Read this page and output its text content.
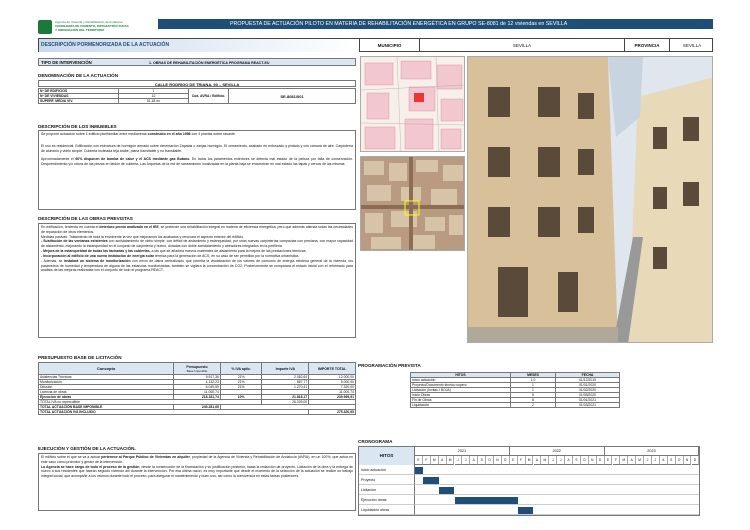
Agencia de Vivienda y Rehabilitación de Andalucía
CONSEJERÍA DE FOMENTO, INFRAESTRUCTURAS
Y ORDENACIÓN DEL TERRITORIO
PROPUESTA DE ACTUACIÓN PILOTO EN MATERIA DE REHABILITACIÓN ENERGÉTICA EN GRUPO SE-8081 de 12 viviendas en SEVILLA
DESCRIPCIÓN PORMENORIZADA DE LA ACTUACIÓN	MUNICIPIO	SEVILLA	PROVINCIA	SEVILLA
TIPO DE INTERVENCIÓN	1. OBRAS DE REHABILITACIÓN ENERGÉTICA PROGRAMA REACT-EU
DENOMINACIÓN DE LA ACTUACIÓN
CALLE RODRIGO DE TRIANA, 93 – SEVILLA
Nº DE EDIFICIOS	1	Cod. AVRA / Edificio.	SE-8081/001
Nº DE VIVIENDAS	12		
SUPERF. MEDIA VIV.	51,18 m²		
DESCRIPCIÓN DE LOS INMUEBLES

Se propone actuación sobre 1 edificio plurifamiliar entre medianeras construido en el año 1986 con 4 plantas sobre rasante.

El uso es residencial. Edificación con estructura de hormigón armado sobre cimentación Zapatas o zanjas hormigón. El cerramiento, acabado en enfoscado y pintado y con cámara de aire. Carpintería de aluminio y vidrio simple. Cubierta Inclinada teja árabe, plana transitable y no transitable.

Aproximadamente el 60% disponen de bomba de calor y el ACS mediante gas Butano. En todos los paramentos exteriores se detecta mal estado de la pintura por falta de conservación. Desprendimiento y/o rotura de las piezas en faldón de cubierta. Las Arquetas de la red de saneamiento localizadas en la planta baja se encuentran en mal estado las tapas y cercos de las mismas

DESCRIPCIÓN DE LAS OBRAS PREVISTAS

En edificación, teniendo en cuenta el deterioro previo analizado en el IEE, se pretende una rehabilitación integral en materia de eficiencia energética, pero que además atienda todas las necesidades de reparación de otros elementos.

Medidas pasivas: Tratamiento de toda la envolvente la vez que mejoramos los acabados y renovará el aspecto exterior del edificio.

- Sustitución de las ventanas existentes con acristalamiento de vidrio simple, con déficit de aislamiento y estanqueidad, por unas nuevas carpinterías compactas con persiana, con mayor capacidad de aislamiento, mejorando la estanqueidad en el conjunto de carpintería y hueco, dotadas con doble acristalamiento y aireadores integrados en la perfilería.

- Mejora de la estanqueidad de todas las fachadas y las cubiertas, a las que se añadiría nuevos materiales de aislamiento para la mejora de las prestaciones térmicas.

- Incorporación al edificio de una nueva instalación de energía solar térmica para la generación de ACS, en su caso de ser permitido por la normativa urbanística.

- Además, se instalará un sistema de monitorización con envío de datos centralizado, que permita la visualización de los valores de consumo de energía eléctrica general de la vivienda, los parámetros de humedad y temperatura de alguna de las estancias monitorizadas, también se vigilara la concentración de CO2. Posteriormente se comparará el estado inicial con el reformado para analisis de las mejoras realizadas con el conjunto de todo el programa REACT.

PRESUPUESTO BASE DE LICITACIÓN
Concepto	Presupuesto
Base Imponible	% IVA aplic.	Importe IVA	IMPORTE TOTAL
Asistencias Técnicas	9.917,36	21%	2.082,64	12.000,00
Monitorización	4.132,23	21%	867,77	5.000,00
Difusión	6.049,59	21%	1.270,41	7.320,00
Licencia de obras	11.000,74			11.000,74
Ejecución de obras	218.181,74	10%	21.818,17	239.999,91
TOTAL IVA no repercutible			26.039,00	
TOTAL ACTUACIÓN BASE IMPONIBLE	249.281,65			
TOTAL ACTUACIÓN IVA INCLUIDO				275.320,65
EJECUCIÓN Y GESTIÓN DE LA ACTUACIÓN.

El edificio sobre el que se va a actuar pertenece al Parque Público de Viviendas en alquiler, propiedad de la Agencia de Vivienda y Rehabilitación de Andalucía (AVRA), en un 100%, que actúa en este caso como promotor y gestor de la intervención.

La Agencia se hace cargo de todo el proceso de la gestión, desde la consecución de la financiación y su justificación posterior, hasta la redacción de proyecto, Licitación de la obra y la entrega de nuevo a sus residentes que habrán seguido viviendo allí durante la intervención. Por esa última razón, es muy importante que desde el momento de la selección de la actuación se realice un trabajo integral social, que acompañe a los vecinos durante todo el proceso, para asegurar el mantenimiento y buen uso, así como la convivencia en estas tareas posteriores.

PROGRAMACIÓN PREVISTA
HITOS	MESES	FECHA
Inicio actuación	1,0	01/12/2019
Proyecto/Documento técnico superv.	1	01/01/2020
Licitación (Invitac./ BOJA)	1	01/02/2020
Inicio Obras	5	01/05/2020
Fin de Obras	8	01/01/2021
Liquidación	2	01/03/2021
CRONOGRAMA
HITOS
2021	2022	2023
E	F	M	A	M	J	J	A	S	O	N	D	E	F	M	A	M	J	J	A	S	O	N	D	E	F	M	A	M	J	J	A	S	O	N	D
Inicio actuación
Proyecto
Licitación
Ejecución obras
Liquidación obras
